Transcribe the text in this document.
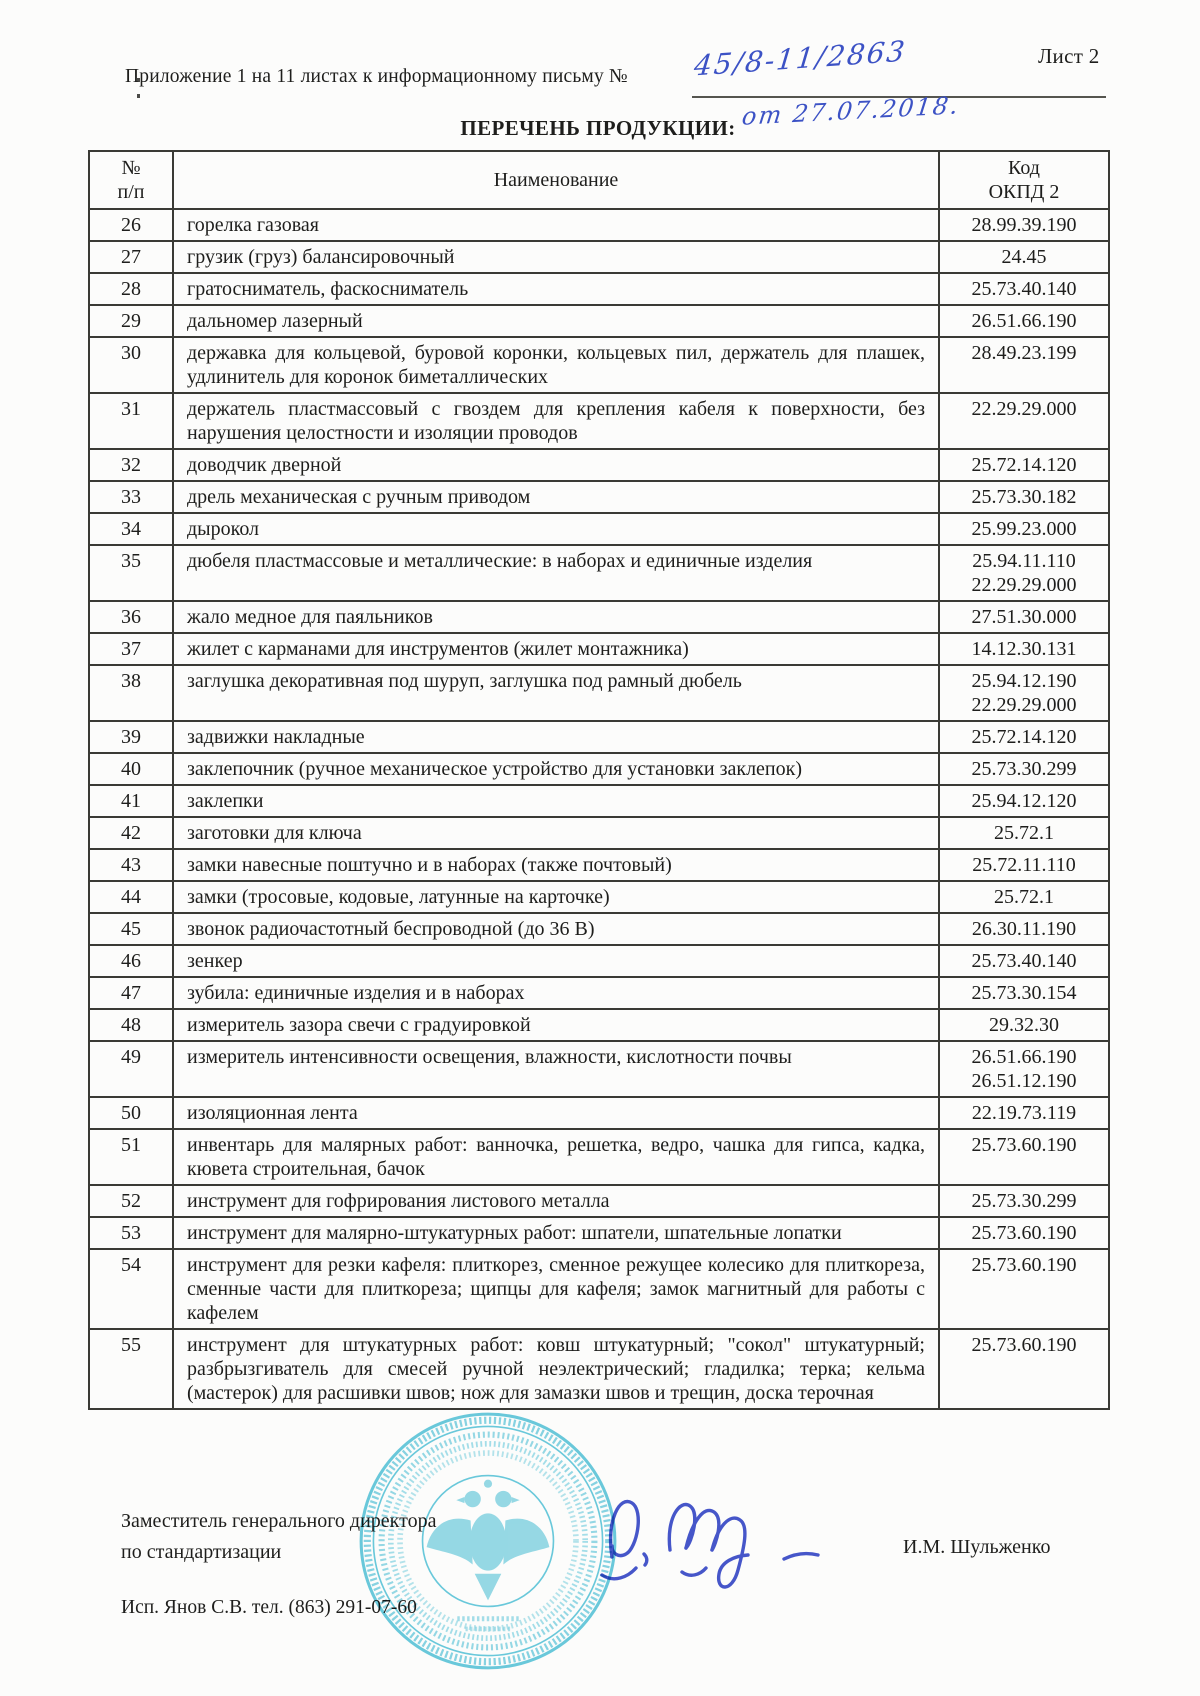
Лист 2
Приложение 1 на 11 листах к информационному письму № 45/8-11/2863
от 27.07.2018.
ПЕРЕЧЕНЬ ПРОДУКЦИИ:
№
п/п
	Наименование	
Код
ОКПД 2

26	горелка газовая	28.99.39.190

27	грузик (груз) балансировочный	24.45

28	гратосниматель, фаскосниматель	25.73.40.140

29	дальномер лазерный	26.51.66.190

30	державка для кольцевой, буровой коронки, кольцевых пил, держатель для плашек, удлинитель для коронок биметаллических	28.49.23.199

31	держатель пластмассовый с гвоздем для крепления кабеля к поверхности, без нарушения целостности и изоляции проводов	22.29.29.000

32	доводчик дверной	25.72.14.120

33	дрель механическая с ручным приводом	25.73.30.182

34	дырокол	25.99.23.000

35	дюбеля пластмассовые и металлические: в наборах и единичные изделия	25.94.11.110
22.29.29.000

36	жало медное для паяльников	27.51.30.000

37	жилет с карманами для инструментов (жилет монтажника)	14.12.30.131

38	заглушка декоративная под шуруп, заглушка под рамный дюбель	25.94.12.190
22.29.29.000

39	задвижки накладные	25.72.14.120

40	заклепочник (ручное механическое устройство для установки заклепок)	25.73.30.299

41	заклепки	25.94.12.120

42	заготовки для ключа	25.72.1

43	замки навесные поштучно и в наборах (также почтовый)	25.72.11.110

44	замки (тросовые, кодовые, латунные на карточке)	25.72.1

45	звонок радиочастотный беспроводной (до 36 В)	26.30.11.190

46	зенкер	25.73.40.140

47	зубила: единичные изделия и в наборах	25.73.30.154

48	измеритель зазора свечи с градуировкой	29.32.30

49	измеритель интенсивности освещения, влажности, кислотности почвы	26.51.66.190
26.51.12.190

50	изоляционная лента	22.19.73.119

51	инвентарь для малярных работ: ванночка, решетка, ведро, чашка для гипса, кадка, кювета строительная, бачок	25.73.60.190

52	инструмент для гофрирования листового металла	25.73.30.299

53	инструмент для малярно-штукатурных работ: шпатели, шпательные лопатки	25.73.60.190

54	инструмент для резки кафеля: плиткорез, сменное режущее колесико для плиткореза, сменные части для плиткореза; щипцы для кафеля; замок магнитный для работы с кафелем	25.73.60.190

55	инструмент для штукатурных работ: ковш штукатурный; "сокол" штукатурный; разбрызгиватель для смесей ручной неэлектрический; гладилка; терка; кельма (мастерок) для расшивки швов; нож для замазки швов и трещин, доска терочная	25.73.60.190
Заместитель генерального директора
по стандартизации	И.М. Шульженко
Исп. Янов С.В. тел. (863) 291-07-60
